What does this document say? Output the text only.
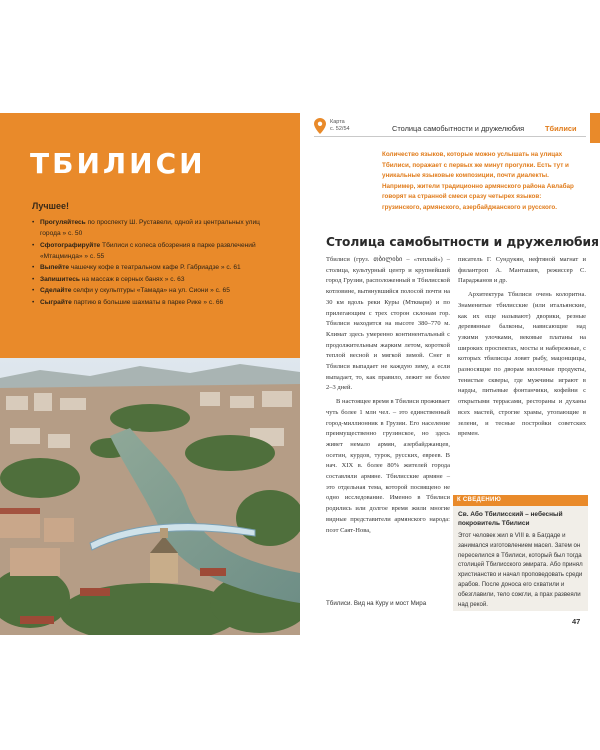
ТБИЛИСИ
Лучшее!
• Прогуляйтесь по проспекту Ш. Руставели, одной из центральных улиц города » с. 50
• Сфотографируйте Тбилиси с колеса обозрения в парке развлечений «Мтацминда» » с. 55
• Выпейте чашечку кофе в театральном кафе Р. Габриадзе » с. 61
• Запишитесь на массаж в серных банях » с. 63
• Сделайте селфи у скульптуры «Тамада» на ул. Сиони » с. 65
• Сыграйте партию в большие шахматы в парке Рике » с. 66
Карта
с. 52/54	Столица самобытности и дружелюбия	Тбилиси
Количество языков, которые можно услышать на улицах Тбилиси, поражает с первых же минут прогулки. Есть тут и уникальные языковые композиции, почти диалекты. Например, жители традиционно армянского района Авлабар говорят на странной смеси сразу четырех языков: грузинского, армянского, азербайджанского и русского.
Столица самобытности и дружелюбия

Тбилиси (груз. თბილისი – «теплый») – столица, культурный центр и крупнейший город Грузии, расположенный в Тбилисской котловине, вытянувшийся полосой почти на 30 км вдоль реки Куры (Мтквари) и по прилегающим с трех сторон склонам гор. Тбилиси находится на высоте 380–770 м. Климат здесь умеренно континентальный с продолжительным жарким летом, короткой теплой весной и мягкой зимой. Снег в Тбилиси выпадает не каждую зиму, а если выпадает, то, как правило, лежит не более 2–3 дней.

В настоящее время в Тбилиси проживает чуть более 1 млн чел. – это единственный город-миллионник в Грузии. Его население преимущественно грузинское, но здесь живет немало армян, азербайджанцев, осетин, курдов, турок, русских, евреев. В нач. XIX в. более 80% жителей города составляли армяне. Тбилисские армяне – это отдельная тема, которой посвящено не одно исследование. Именно в Тбилиси родились или долгое время жили многие видные представители армянского народа: поэт Саят-Нова,

писатель Г. Сундукян, нефтяной магнат и филантроп А. Манташев, режиссер С. Параджанов и др.

Архитектура Тбилиси очень колоритна. Знаменитые тбилисские (или итальянские, как их еще называют) дворики, резные деревянные балконы, нависающие над узкими улочками, вековые платаны на широких проспектах, мосты и набережные, с которых тбилисцы ловят рыбу, мацонщицы, разносящие по дворам молочные продукты, тенистые скверы, где мужчины играют в нарды, питьевые фонтанчики, кофейни с открытыми террасами, рестораны и духаны всех мастей, строгие храмы, утопающие в зелени, и тесные постройки советских времен.

К СВЕДЕНИЮ
Св. Або Тбилисский – небесный покровитель Тбилиси
Этот человек жил в VIII в. в Багдаде и занимался изготовлением масел. Затем он переселился в Тбилиси, который был тогда столицей Тбилисского эмирата. Або принял христианство и начал проповедовать среди арабов. После доноса его схватили и обезглавили, тело сожгли, а прах развеяли над рекой.
Тбилиси. Вид на Куру и мост Мира
47
